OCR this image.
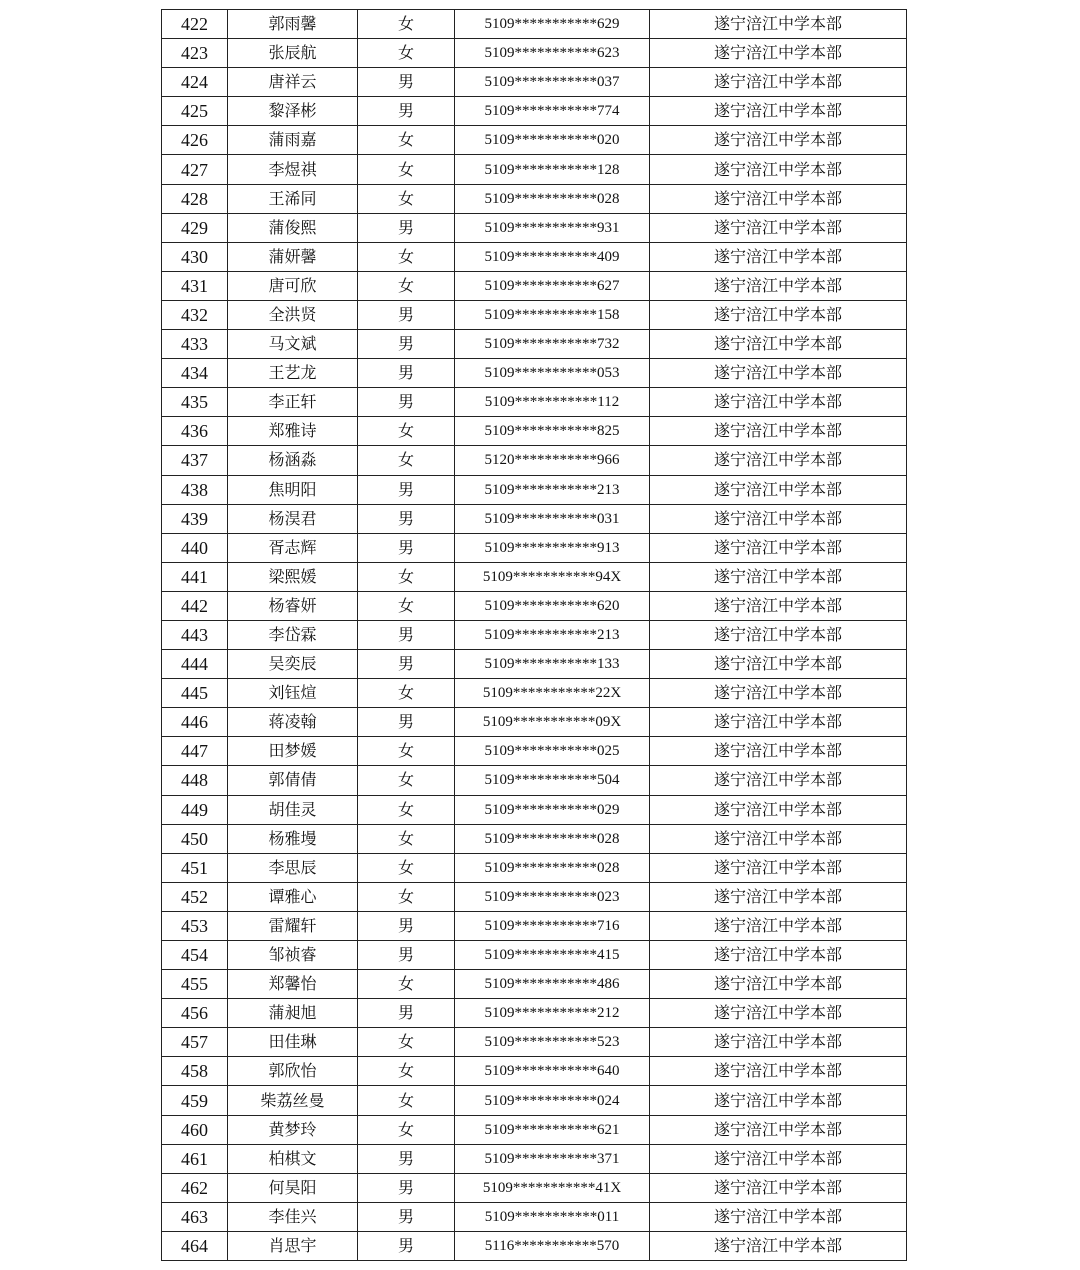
422	郭雨馨	女	5109***********629	遂宁涪江中学本部
423	张辰航	女	5109***********623	遂宁涪江中学本部
424	唐祥云	男	5109***********037	遂宁涪江中学本部
425	黎泽彬	男	5109***********774	遂宁涪江中学本部
426	蒲雨嘉	女	5109***********020	遂宁涪江中学本部
427	李煜祺	女	5109***********128	遂宁涪江中学本部
428	王浠同	女	5109***********028	遂宁涪江中学本部
429	蒲俊熙	男	5109***********931	遂宁涪江中学本部
430	蒲妍馨	女	5109***********409	遂宁涪江中学本部
431	唐可欣	女	5109***********627	遂宁涪江中学本部
432	全洪贤	男	5109***********158	遂宁涪江中学本部
433	马文斌	男	5109***********732	遂宁涪江中学本部
434	王艺龙	男	5109***********053	遂宁涪江中学本部
435	李正轩	男	5109***********112	遂宁涪江中学本部
436	郑雅诗	女	5109***********825	遂宁涪江中学本部
437	杨涵淼	女	5120***********966	遂宁涪江中学本部
438	焦明阳	男	5109***********213	遂宁涪江中学本部
439	杨淏君	男	5109***********031	遂宁涪江中学本部
440	胥志辉	男	5109***********913	遂宁涪江中学本部
441	梁熙媛	女	5109***********94X	遂宁涪江中学本部
442	杨睿妍	女	5109***********620	遂宁涪江中学本部
443	李岱霖	男	5109***********213	遂宁涪江中学本部
444	吴奕辰	男	5109***********133	遂宁涪江中学本部
445	刘钰煊	女	5109***********22X	遂宁涪江中学本部
446	蒋凌翰	男	5109***********09X	遂宁涪江中学本部
447	田梦媛	女	5109***********025	遂宁涪江中学本部
448	郭倩倩	女	5109***********504	遂宁涪江中学本部
449	胡佳灵	女	5109***********029	遂宁涪江中学本部
450	杨雅墁	女	5109***********028	遂宁涪江中学本部
451	李思辰	女	5109***********028	遂宁涪江中学本部
452	谭雅心	女	5109***********023	遂宁涪江中学本部
453	雷耀轩	男	5109***********716	遂宁涪江中学本部
454	邹祯睿	男	5109***********415	遂宁涪江中学本部
455	郑馨怡	女	5109***********486	遂宁涪江中学本部
456	蒲昶旭	男	5109***********212	遂宁涪江中学本部
457	田佳琳	女	5109***********523	遂宁涪江中学本部
458	郭欣怡	女	5109***********640	遂宁涪江中学本部
459	柴荔丝曼	女	5109***********024	遂宁涪江中学本部
460	黄梦玲	女	5109***********621	遂宁涪江中学本部
461	柏棋文	男	5109***********371	遂宁涪江中学本部
462	何昊阳	男	5109***********41X	遂宁涪江中学本部
463	李佳兴	男	5109***********011	遂宁涪江中学本部
464	肖思宇	男	5116***********570	遂宁涪江中学本部
